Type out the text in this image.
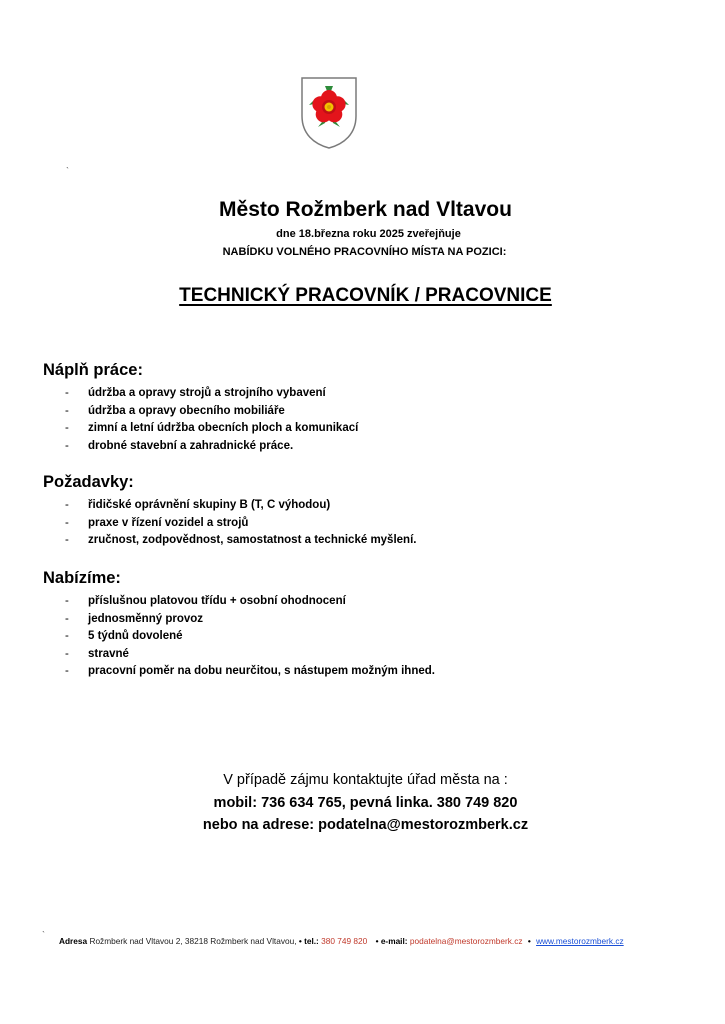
`
`
Město Rožmberk nad Vltavou
dne 18.března roku 2025 zveřejňuje
NABÍDKU VOLNÉHO PRACOVNÍHO MÍSTA NA POZICI:
TECHNICKÝ PRACOVNÍK / PRACOVNICE
Náplň práce:
- údržba a opravy strojů a strojního vybavení
- údržba a opravy obecního mobiliáře
- zimní a letní údržba obecních ploch a komunikací
- drobné stavební a zahradnické práce.
Požadavky:
- řidičské oprávnění skupiny B (T, C výhodou)
- praxe v řízení vozidel a strojů
- zručnost, zodpovědnost, samostatnost a technické myšlení.
Nabízíme:
- příslušnou platovou třídu + osobní ohodnocení
- jednosměnný provoz
- 5 týdnů dovolené
- stravné
- pracovní poměr na dobu neurčitou, s nástupem možným ihned.
V případě zájmu kontaktujte úřad města na :
mobil: 736 634 765, pevná linka. 380 749 820
nebo na adrese: podatelna@mestorozmberk.cz
Adresa Rožmberk nad Vltavou 2, 38218 Rožmberk nad Vltavou, • tel.: 380 749 820 • e-mail: podatelna@mestorozmberk.cz • www.mestorozmberk.cz
